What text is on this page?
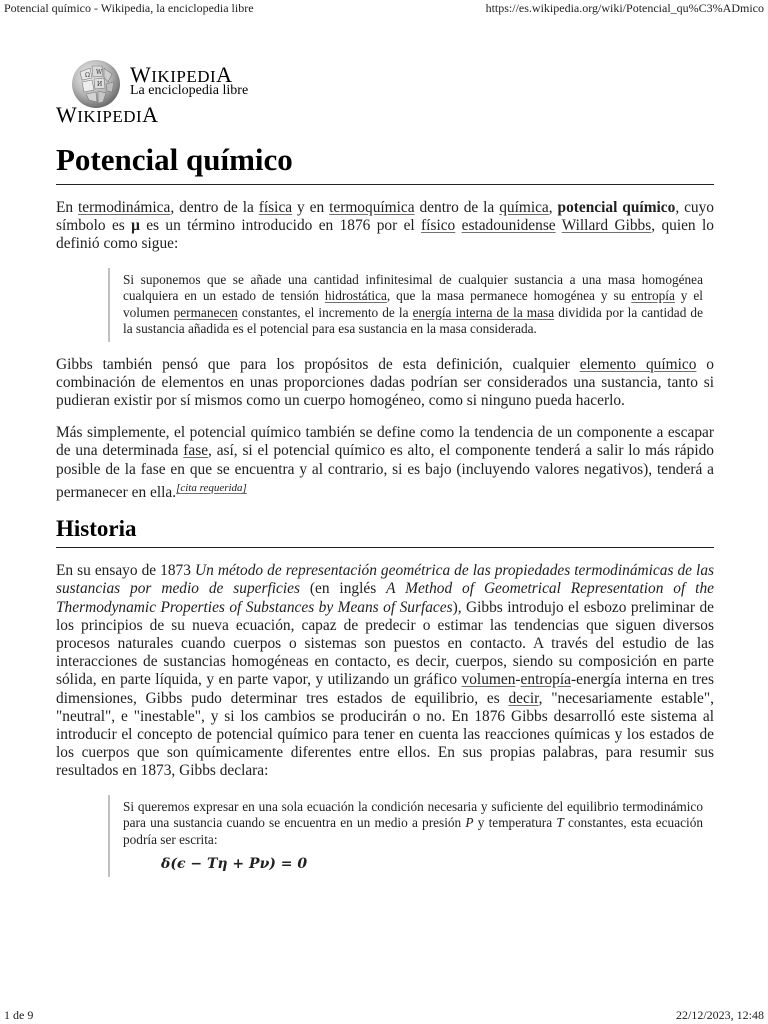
Potencial químico - Wikipedia, la enciclopedia libre	https://es.wikipedia.org/wiki/Potencial_qu%C3%ADmico
Ω W
И WIKIPEDIA
La enciclopedia libre
WIKIPEDIA
Potencial químico

En termodinámica, dentro de la física y en termoquímica dentro de la química, potencial químico, cuyo símbolo es μ es un término introducido en 1876 por el físico estadounidense Willard Gibbs, quien lo definió como sigue:

Si suponemos que se añade una cantidad infinitesimal de cualquier sustancia a una masa homogénea cualquiera en un estado de tensión hidrostática, que la masa permanece homogénea y su entropía y el volumen permanecen constantes, el incremento de la energía interna de la masa dividida por la cantidad de la sustancia añadida es el potencial para esa sustancia en la masa considerada.

Gibbs también pensó que para los propósitos de esta definición, cualquier elemento químico o combinación de elementos en unas proporciones dadas podrían ser considerados una sustancia, tanto si pudieran existir por sí mismos como un cuerpo homogéneo, como si ninguno pueda hacerlo.

Más simplemente, el potencial químico también se define como la tendencia de un componente a escapar de una determinada fase, así, si el potencial químico es alto, el componente tenderá a salir lo más rápido posible de la fase en que se encuentra y al contrario, si es bajo (incluyendo valores negativos), tenderá a permanecer en ella.[cita requerida]

Historia

En su ensayo de 1873 Un método de representación geométrica de las propiedades termodinámicas de las sustancias por medio de superficies (en inglés A Method of Geometrical Representation of the Thermodynamic Properties of Substances by Means of Surfaces), Gibbs introdujo el esbozo preliminar de los principios de su nueva ecuación, capaz de predecir o estimar las tendencias que siguen diversos procesos naturales cuando cuerpos o sistemas son puestos en contacto. A través del estudio de las interacciones de sustancias homogéneas en contacto, es decir, cuerpos, siendo su composición en parte sólida, en parte líquida, y en parte vapor, y utilizando un gráfico volumen-entropía-energía interna en tres dimensiones, Gibbs pudo determinar tres estados de equilibrio, es decir, "necesariamente estable", "neutral", e "inestable", y si los cambios se producirán o no. En 1876 Gibbs desarrolló este sistema al introducir el concepto de potencial químico para tener en cuenta las reacciones químicas y los estados de los cuerpos que son químicamente diferentes entre ellos. En sus propias palabras, para resumir sus resultados en 1873, Gibbs declara:

Si queremos expresar en una sola ecuación la condición necesaria y suficiente del equilibrio termodinámico para una sustancia cuando se encuentra en un medio a presión P y temperatura T constantes, esta ecuación podría ser escrita:

δ(ϵ − Tη + Pν) = 0
1 de 9	22/12/2023, 12:48
